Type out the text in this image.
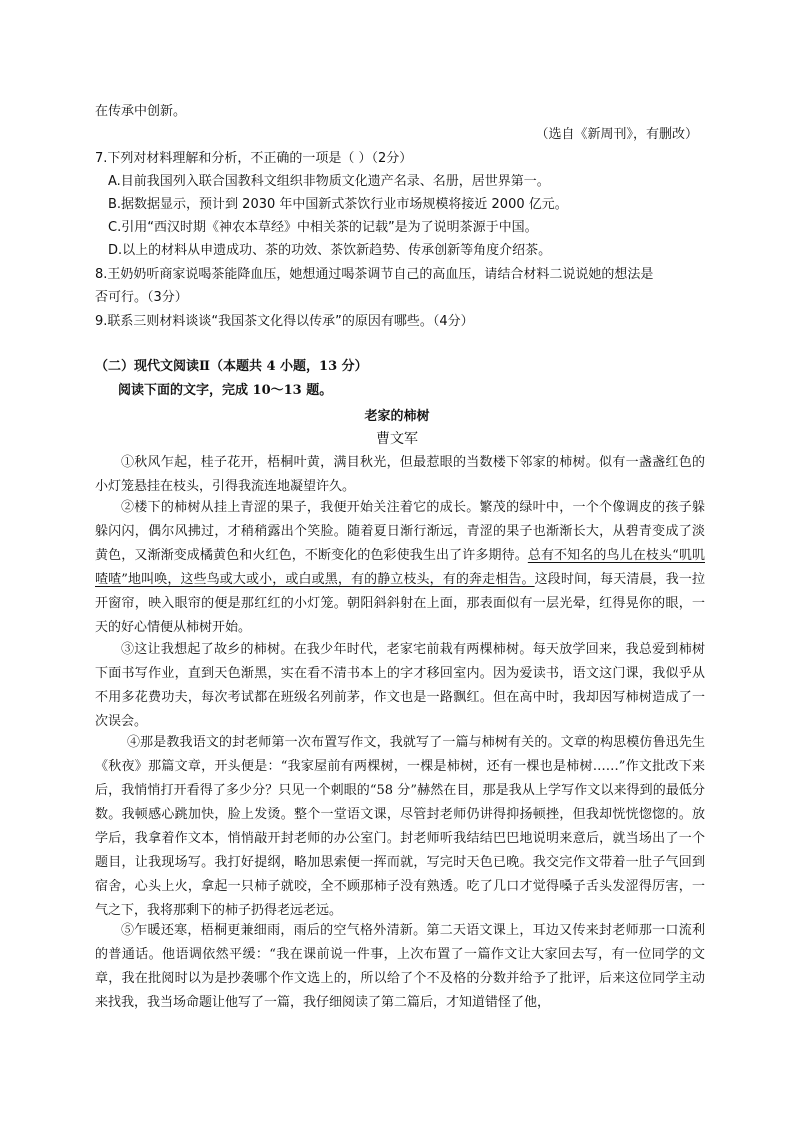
在传承中创新。
（选自《新周刊》，有删改）
7.下列对材料理解和分析，不正确的一项是（ ）（2分）
A.目前我国列入联合国教科文组织非物质文化遗产名录、名册，居世界第一。
B.据数据显示，预计到 2030 年中国新式茶饮行业市场规模将接近 2000 亿元。
C.引用“西汉时期《神农本草经》中相关茶的记载”是为了说明茶源于中国。
D.以上的材料从申遗成功、茶的功效、茶饮新趋势、传承创新等角度介绍茶。
8.王奶奶听商家说喝茶能降血压，她想通过喝茶调节自己的高血压，请结合材料二说说她的想法是
否可行。（3分）
9.联系三则材料谈谈“我国茶文化得以传承”的原因有哪些。（4分）
（二）现代文阅读Ⅱ（本题共 4 小题，13 分）
阅读下面的文字，完成 10～13 题。
老家的柿树
曹文军
①秋风乍起，桂子花开，梧桐叶黄，满目秋光，但最惹眼的当数楼下邻家的柿树。似有一盏盏红色的小灯笼悬挂在枝头，引得我流连地凝望许久。
②楼下的柿树从挂上青涩的果子，我便开始关注着它的成长。繁茂的绿叶中，一个个像调皮的孩子躲躲闪闪，偶尔风拂过，才稍稍露出个笑脸。随着夏日渐行渐远，青涩的果子也渐渐长大，从碧青变成了淡黄色，又渐渐变成橘黄色和火红色，不断变化的色彩使我生出了许多期待。总有不知名的鸟儿在枝头“叽叽喳喳”地叫唤，这些鸟或大或小，或白或黑，有的静立枝头，有的奔走相告。这段时间，每天清晨，我一拉开窗帘，映入眼帘的便是那红红的小灯笼。朝阳斜斜射在上面，那表面似有一层光晕，红得晃你的眼，一天的好心情便从柿树开始。
③这让我想起了故乡的柿树。在我少年时代，老家宅前栽有两棵柿树。每天放学回来，我总爱到柿树下面书写作业，直到天色渐黑，实在看不清书本上的字才移回室内。因为爱读书，语文这门课，我似乎从不用多花费功夫，每次考试都在班级名列前茅，作文也是一路飘红。但在高中时，我却因写柿树造成了一次误会。
④那是教我语文的封老师第一次布置写作文，我就写了一篇与柿树有关的。文章的构思模仿鲁迅先生《秋夜》那篇文章，开头便是：“我家屋前有两棵树，一棵是柿树，还有一棵也是柿树……”作文批改下来后，我悄悄打开看得了多少分？只见一个刺眼的“58 分”赫然在目，那是我从上学写作文以来得到的最低分数。我顿感心跳加快，脸上发烫。整个一堂语文课，尽管封老师仍讲得抑扬顿挫，但我却恍恍惚惚的。放学后，我拿着作文本，悄悄敲开封老师的办公室门。封老师听我结结巴巴地说明来意后，就当场出了一个题目，让我现场写。我打好提纲，略加思索便一挥而就，写完时天色已晚。我交完作文带着一肚子气回到宿舍，心头上火，拿起一只柿子就咬，全不顾那柿子没有熟透。吃了几口才觉得嗓子舌头发涩得厉害，一气之下，我将那剩下的柿子扔得老远老远。
⑤乍暖还寒，梧桐更兼细雨，雨后的空气格外清新。第二天语文课上，耳边又传来封老师那一口流利的普通话。他语调依然平缓：“我在课前说一件事，上次布置了一篇作文让大家回去写，有一位同学的文章，我在批阅时以为是抄袭哪个作文选上的，所以给了个不及格的分数并给予了批评，后来这位同学主动来找我，我当场命题让他写了一篇，我仔细阅读了第二篇后，才知道错怪了他，
